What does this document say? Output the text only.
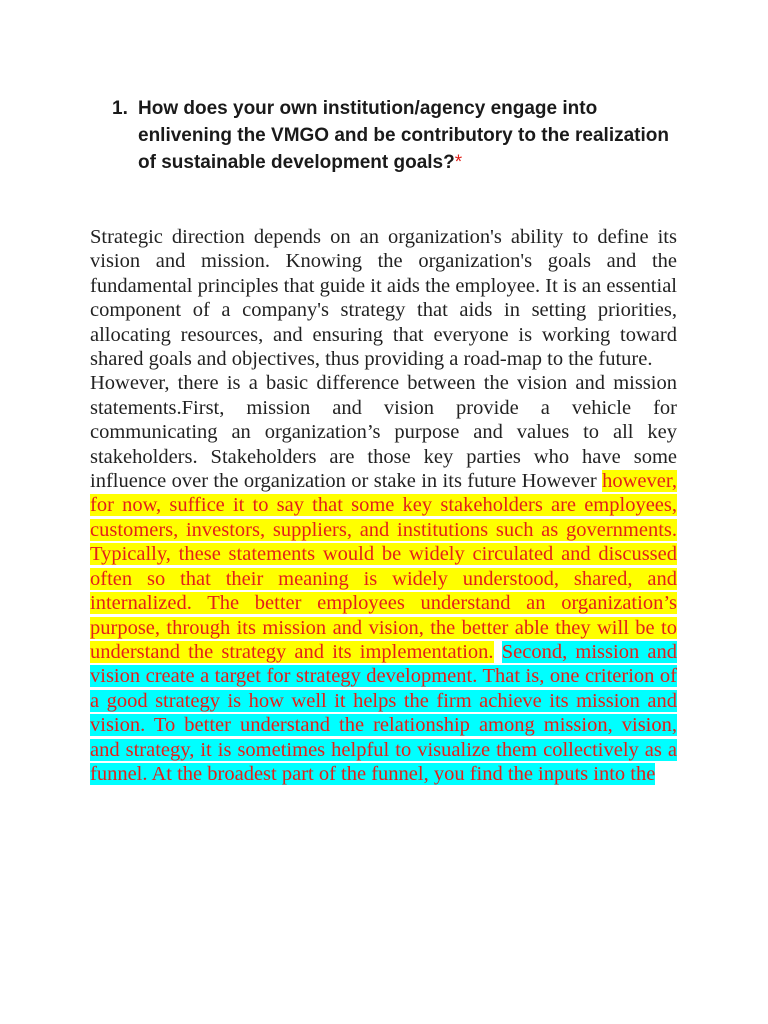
1. How does your own institution/agency engage into enlivening the VMGO and be contributory to the realization of sustainable development goals?*

Strategic direction depends on an organization's ability to define its vision and mission. Knowing the organization's goals and the fundamental principles that guide it aids the employee. It is an essential component of a company's strategy that aids in setting priorities, allocating resources, and ensuring that everyone is working toward shared goals and objectives, thus providing a road-map to the future.

However, there is a basic difference between the vision and mission statements.First, mission and vision provide a vehicle for communicating an organization’s purpose and values to all key stakeholders. Stakeholders are those key parties who have some influence over the organization or stake in its future However however, for now, suffice it to say that some key stakeholders are employees, customers, investors, suppliers, and institutions such as governments. Typically, these statements would be widely circulated and discussed often so that their meaning is widely understood, shared, and internalized. The better employees understand an organization’s purpose, through its mission and vision, the better able they will be to understand the strategy and its implementation. Second, mission and vision create a target for strategy development. That is, one criterion of a good strategy is how well it helps the firm achieve its mission and vision. To better understand the relationship among mission, vision, and strategy, it is sometimes helpful to visualize them collectively as a funnel. At the broadest part of the funnel, you find the inputs into the
